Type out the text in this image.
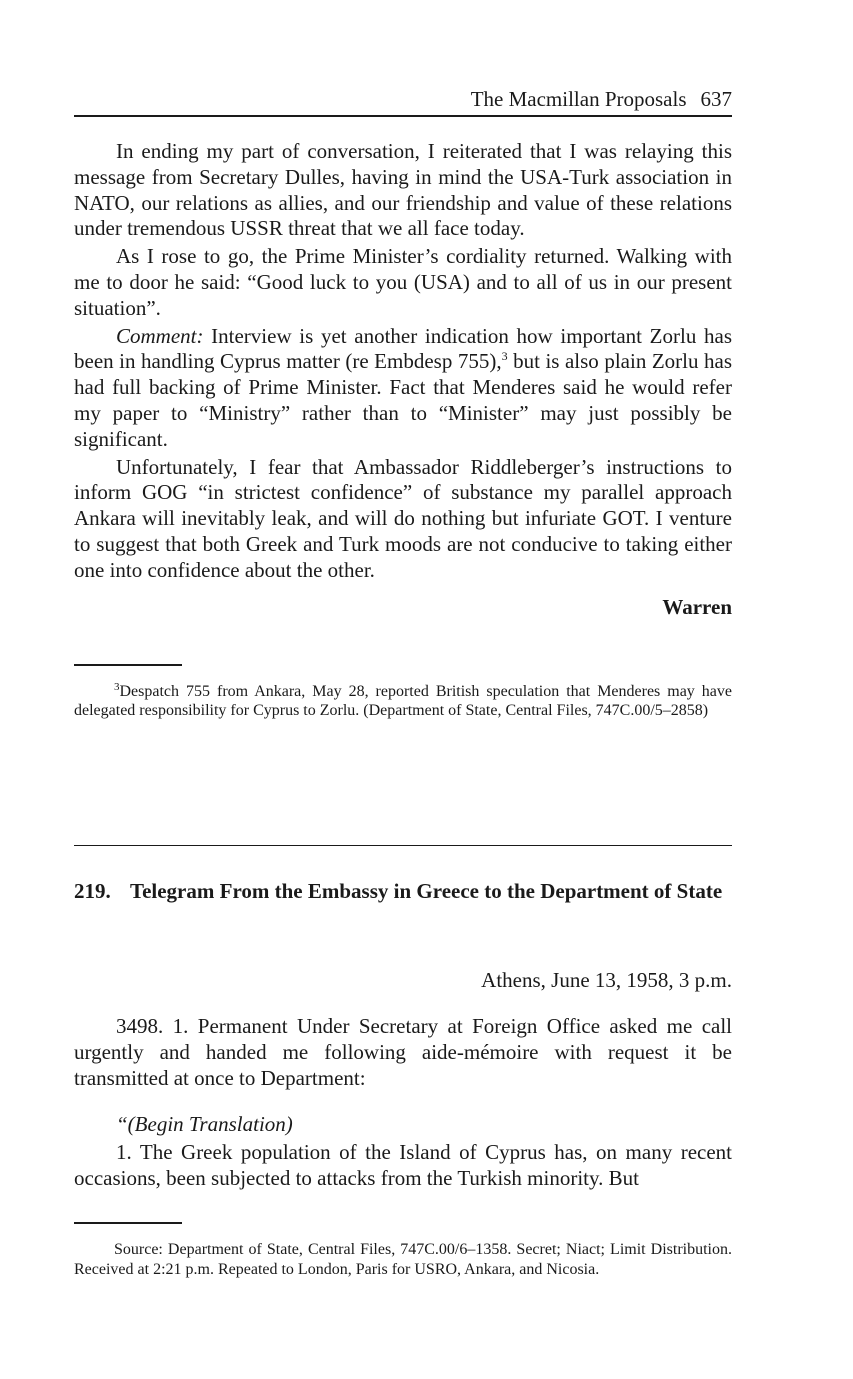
The Macmillan Proposals 637

In ending my part of conversation, I reiterated that I was relaying this message from Secretary Dulles, having in mind the USA-Turk association in NATO, our relations as allies, and our friendship and value of these relations under tremendous USSR threat that we all face today.

As I rose to go, the Prime Minister’s cordiality returned. Walking with me to door he said: “Good luck to you (USA) and to all of us in our present situation”.

Comment: Interview is yet another indication how important Zorlu has been in handling Cyprus matter (re Embdesp 755),$^3$ but is also plain Zorlu has had full backing of Prime Minister. Fact that Menderes said he would refer my paper to “Ministry” rather than to “Minister” may just possibly be significant.

Unfortunately, I fear that Ambassador Riddleberger’s instructions to inform GOG “in strictest confidence” of substance my parallel approach Ankara will inevitably leak, and will do nothing but infuriate GOT. I venture to suggest that both Greek and Turk moods are not conducive to taking either one into confidence about the other.

Warren

$^3$Despatch 755 from Ankara, May 28, reported British speculation that Menderes may have delegated responsibility for Cyprus to Zorlu. (Department of State, Central Files, 747C.00/5–2858)

219. Telegram From the Embassy in Greece to the Department of State
Athens, June 13, 1958, 3 p.m.

3498. 1. Permanent Under Secretary at Foreign Office asked me call urgently and handed me following aide-mémoire with request it be transmitted at once to Department:

“(Begin Translation)

1. The Greek population of the Island of Cyprus has, on many recent occasions, been subjected to attacks from the Turkish minority. But

Source: Department of State, Central Files, 747C.00/6–1358. Secret; Niact; Limit Distribution. Received at 2:21 p.m. Repeated to London, Paris for USRO, Ankara, and Nicosia.
